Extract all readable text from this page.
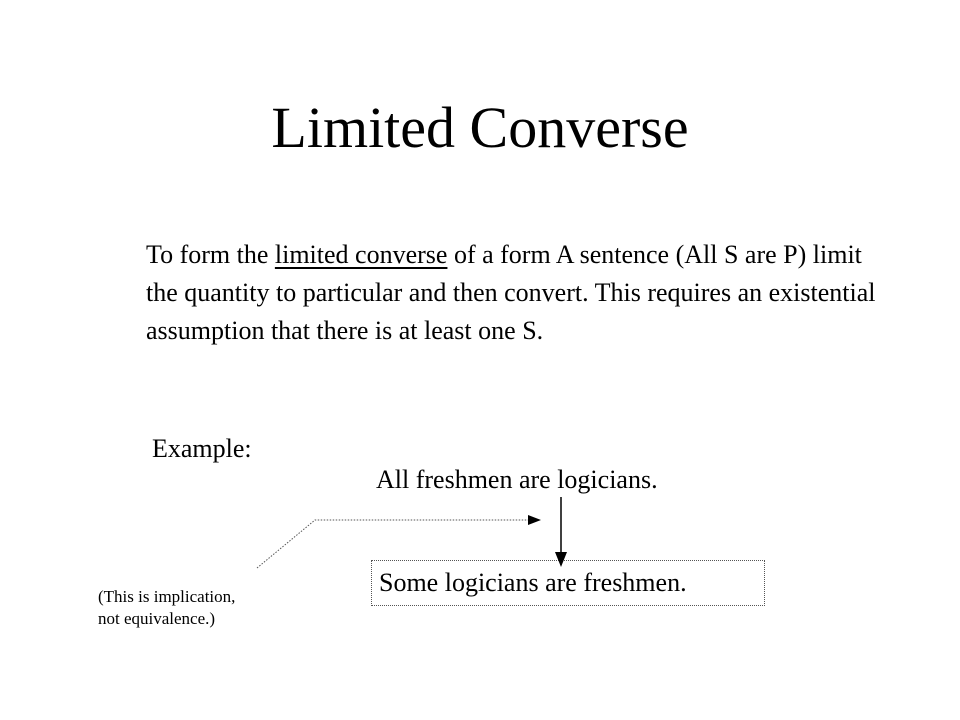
Limited Converse
To form the limited converse of a form A sentence (All S are P) limit the quantity to particular and then convert. This requires an existential assumption that there is at least one S.
Example:
All freshmen are logicians.
Some logicians are freshmen.
(This is implication,
not equivalence.)
